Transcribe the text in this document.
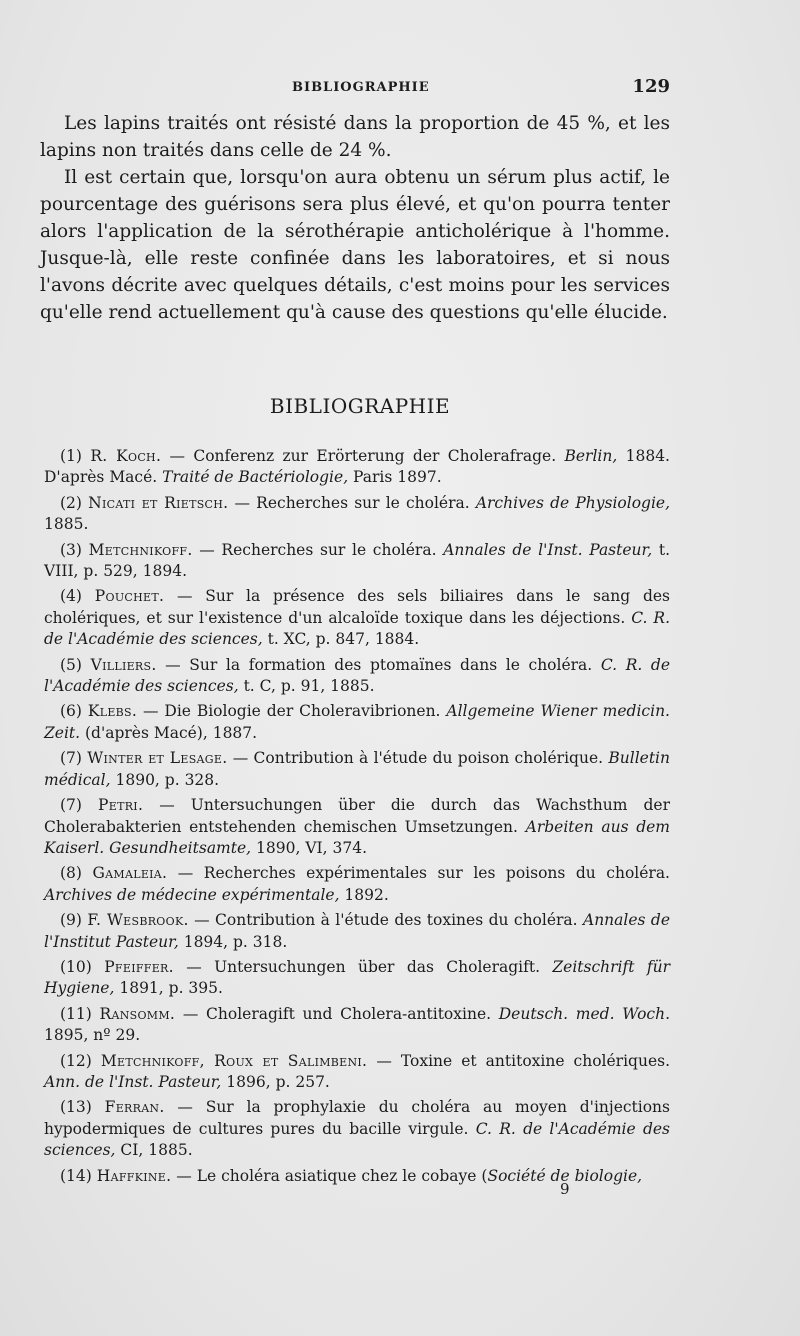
BIBLIOGRAPHIE	129

Les lapins traités ont résisté dans la proportion de 45 %, et les lapins non traités dans celle de 24 %.

Il est certain que, lorsqu'on aura obtenu un sérum plus actif, le pourcentage des guérisons sera plus élevé, et qu'on pourra tenter alors l'application de la sérothérapie anticholérique à l'homme. Jusque-là, elle reste confinée dans les laboratoires, et si nous l'avons décrite avec quelques détails, c'est moins pour les services qu'elle rend actuellement qu'à cause des questions qu'elle élucide.

BIBLIOGRAPHIE

(1) R. Koch. — Conferenz zur Erörterung der Cholerafrage. Berlin, 1884. D'après Macé. Traité de Bactériologie, Paris 1897.

(2) Nicati et Rietsch. — Recherches sur le choléra. Archives de Physiologie, 1885.

(3) Metchnikoff. — Recherches sur le choléra. Annales de l'Inst. Pasteur, t. VIII, p. 529, 1894.

(4) Pouchet. — Sur la présence des sels biliaires dans le sang des cholériques, et sur l'existence d'un alcaloïde toxique dans les déjections. C. R. de l'Académie des sciences, t. XC, p. 847, 1884.

(5) Villiers. — Sur la formation des ptomaïnes dans le choléra. C. R. de l'Académie des sciences, t. C, p. 91, 1885.

(6) Klebs. — Die Biologie der Choleravibrionen. Allgemeine Wiener medicin. Zeit. (d'après Macé), 1887.

(7) Winter et Lesage. — Contribution à l'étude du poison cholérique. Bulletin médical, 1890, p. 328.

(7) Petri. — Untersuchungen über die durch das Wachsthum der Cholerabakterien entstehenden chemischen Umsetzungen. Arbeiten aus dem Kaiserl. Gesundheitsamte, 1890, VI, 374.

(8) Gamaleia. — Recherches expérimentales sur les poisons du choléra. Archives de médecine expérimentale, 1892.

(9) F. Wesbrook. — Contribution à l'étude des toxines du choléra. Annales de l'Institut Pasteur, 1894, p. 318.

(10) Pfeiffer. — Untersuchungen über das Choleragift. Zeitschrift für Hygiene, 1891, p. 395.

(11) Ransomm. — Choleragift und Cholera-antitoxine. Deutsch. med. Woch. 1895, nº 29.

(12) Metchnikoff, Roux et Salimbeni. — Toxine et antitoxine cholériques. Ann. de l'Inst. Pasteur, 1896, p. 257.

(13) Ferran. — Sur la prophylaxie du choléra au moyen d'injections hypodermiques de cultures pures du bacille virgule. C. R. de l'Académie des sciences, CI, 1885.

(14) Haffkine. — Le choléra asiatique chez le cobaye (Société de biologie,

9
